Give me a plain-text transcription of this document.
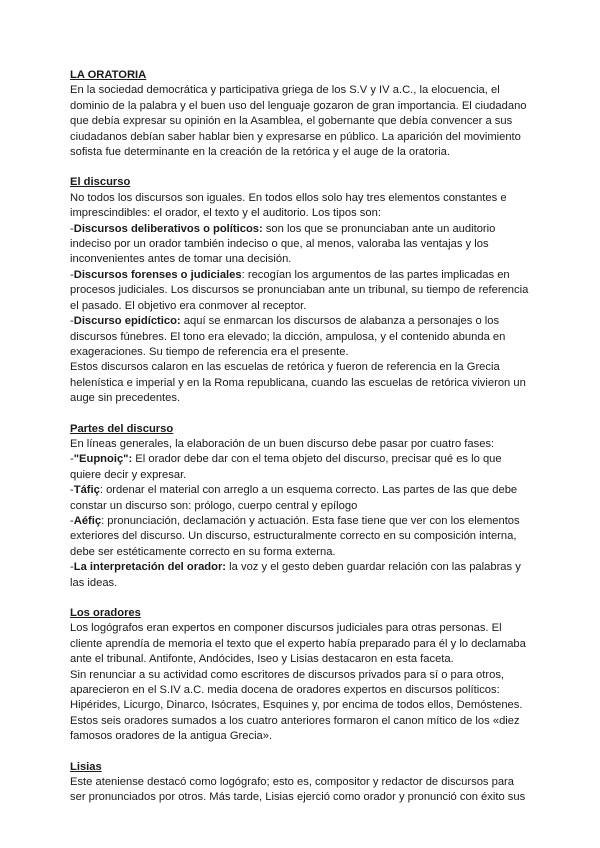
LA ORATORIA

En la sociedad democrática y participativa griega de los S.V y IV a.C., la elocuencia, el dominio de la palabra y el buen uso del lenguaje gozaron de gran importancia. El ciudadano que debía expresar su opinión en la Asamblea, el gobernante que debía convencer a sus ciudadanos debían saber hablar bien y expresarse en público. La aparición del movimiento sofista fue determinante en la creación de la retórica y el auge de la oratoria.

El discurso

No todos los discursos son iguales. En todos ellos solo hay tres elementos constantes e imprescindibles: el orador, el texto y el auditorio. Los tipos son:

-Discursos deliberativos o políticos: son los que se pronunciaban ante un auditorio indeciso por un orador también indeciso o que, al menos, valoraba las ventajas y los inconvenientes antes de tomar una decisión.

-Discursos forenses o judiciales: recogían los argumentos de las partes implicadas en procesos judiciales. Los discursos se pronunciaban ante un tribunal, su tiempo de referencia el pasado. El objetivo era conmover al receptor.

-Discurso epidíctico: aquí se enmarcan los discursos de alabanza a personajes o los discursos fúnebres. El tono era elevado; la dicción, ampulosa, y el contenido abunda en exageraciones. Su tiempo de referencia era el presente.

Estos discursos calaron en las escuelas de retórica y fueron de referencia en la Grecia helenística e imperial y en la Roma republicana, cuando las escuelas de retórica vivieron un auge sin precedentes.

Partes del discurso

En líneas generales, la elaboración de un buen discurso debe pasar por cuatro fases:

-"Eupnoiç": El orador debe dar con el tema objeto del discurso, precisar qué es lo que quiere decir y expresar.

-Táfiç: ordenar el material con arreglo a un esquema correcto. Las partes de las que debe constar un discurso son: prólogo, cuerpo central y epílogo

-Aéfiç: pronunciación, declamación y actuación. Esta fase tiene que ver con los elementos exteriores del discurso. Un discurso, estructuralmente correcto en su composición interna, debe ser estéticamente correcto en su forma externa.

-La interpretación del orador: la voz y el gesto deben guardar relación con las palabras y las ideas.

Los oradores

Los logógrafos eran expertos en componer discursos judiciales para otras personas. El cliente aprendía de memoria el texto que el experto había preparado para él y lo declamaba ante el tribunal. Antifonte, Andócides, Iseo y Lisias destacaron en esta faceta.

Sin renunciar a su actividad como escritores de discursos privados para sí o para otros, aparecieron en el S.IV a.C. media docena de oradores expertos en discursos políticos: Hipérides, Licurgo, Dinarco, Isócrates, Esquines y, por encima de todos ellos, Demóstenes.

Estos seis oradores sumados a los cuatro anteriores formaron el canon mítico de los «diez famosos oradores de la antigua Grecia».

Lisias

Este ateniense destacó como logógrafo; esto es, compositor y redactor de discursos para ser pronunciados por otros. Más tarde, Lisias ejerció como orador y pronunció con éxito sus
